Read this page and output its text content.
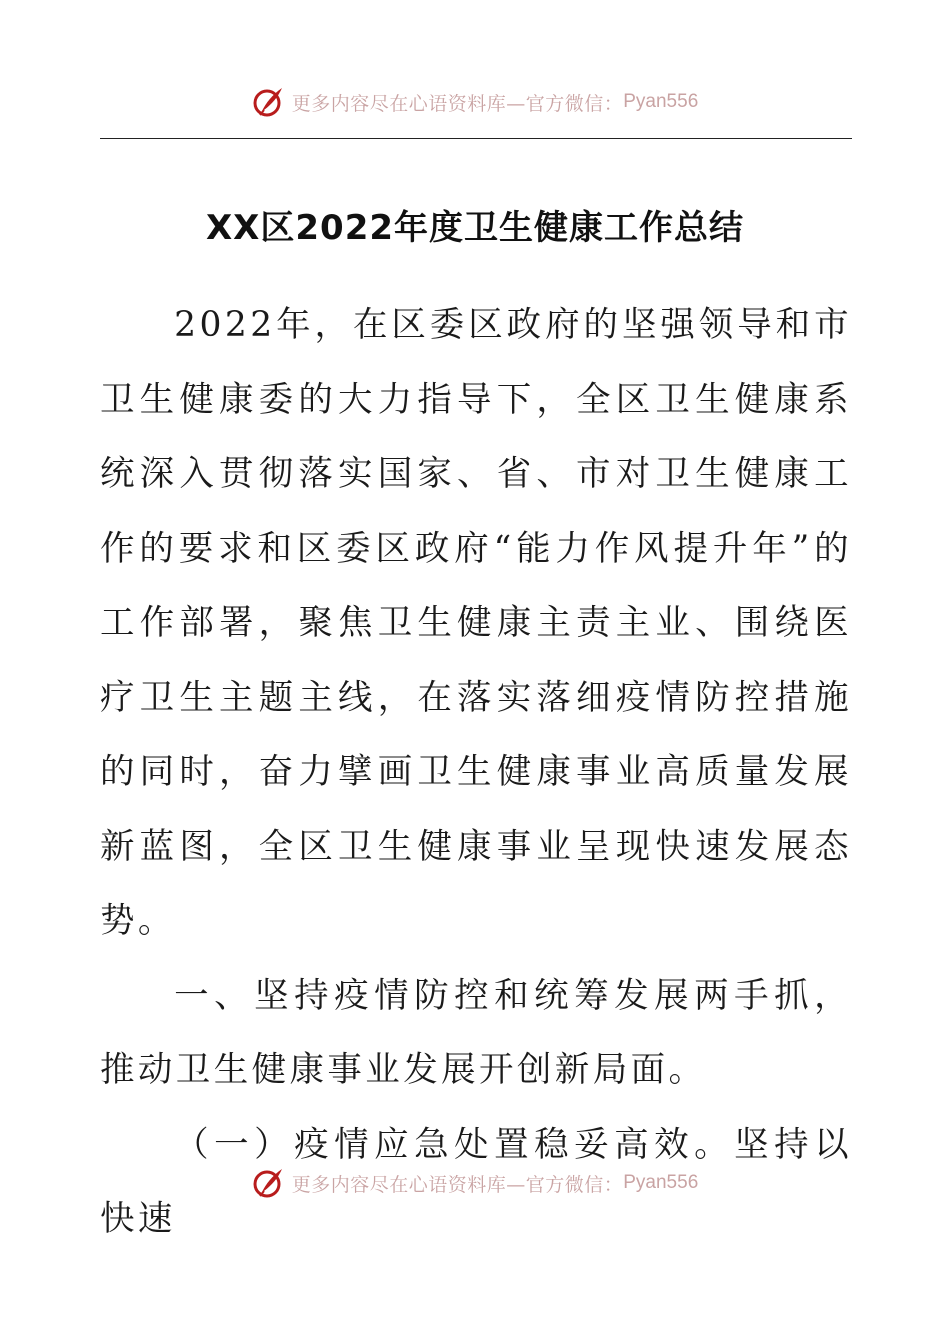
更多内容尽在心语资料库—官方微信： Pyan556
XX区2022年度卫生健康工作总结

2022年，在区委区政府的坚强领导和市卫生健康委的大力指导下，全区卫生健康系统深入贯彻落实国家、省、市对卫生健康工作的要求和区委区政府“能力作风提升年”的工作部署，聚焦卫生健康主责主业、围绕医疗卫生主题主线，在落实落细疫情防控措施的同时，奋力擘画卫生健康事业高质量发展新蓝图，全区卫生健康事业呈现快速发展态势。

一、坚持疫情防控和统筹发展两手抓，推动卫生健康事业发展开创新局面。

（一）疫情应急处置稳妥高效。坚持以快速

更多内容尽在心语资料库—官方微信： Pyan556
